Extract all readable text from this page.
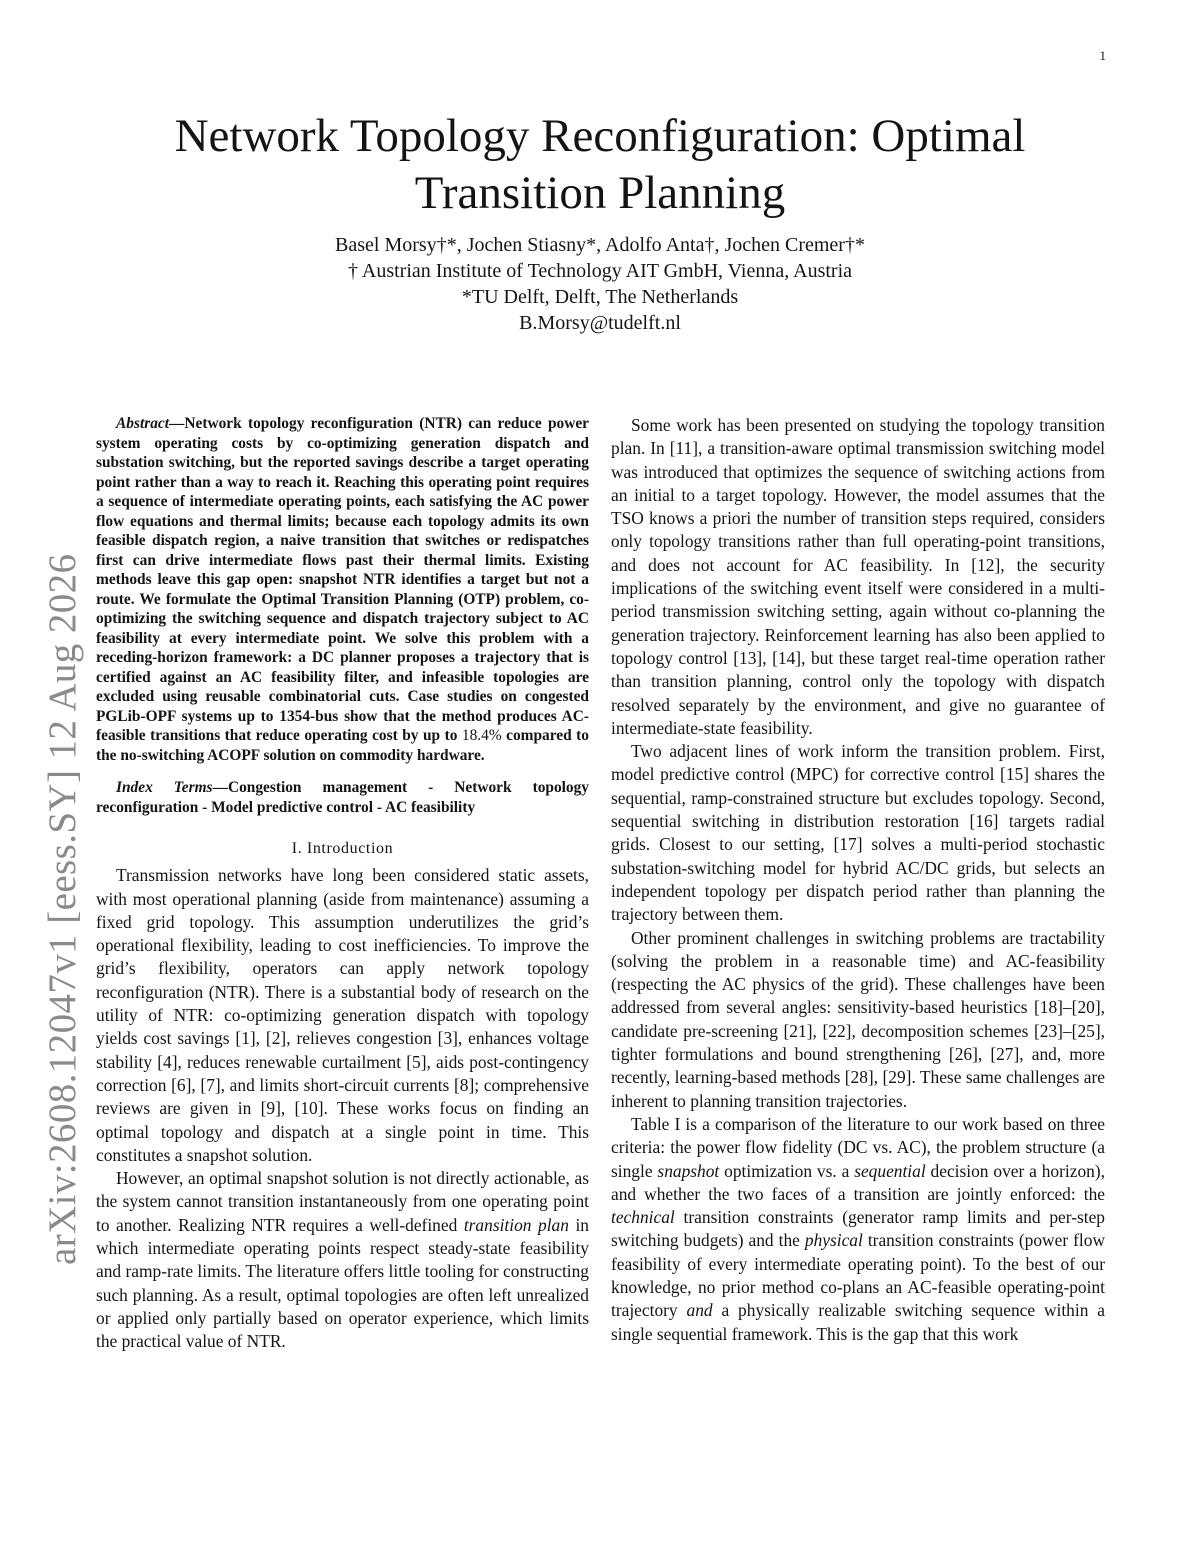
1
arXiv:2608.12047v1 [eess.SY] 12 Aug 2026
Network Topology Reconfiguration: Optimal Transition Planning
Basel Morsy†*, Jochen Stiasny*, Adolfo Anta†, Jochen Cremer†*
† Austrian Institute of Technology AIT GmbH, Vienna, Austria
*TU Delft, Delft, The Netherlands
B.Morsy@tudelft.nl

Abstract—Network topology reconfiguration (NTR) can reduce power system operating costs by co-optimizing generation dispatch and substation switching, but the reported savings describe a target operating point rather than a way to reach it. Reaching this operating point requires a sequence of intermediate operating points, each satisfying the AC power flow equations and thermal limits; because each topology admits its own feasible dispatch region, a naive transition that switches or redispatches first can drive intermediate flows past their thermal limits. Existing methods leave this gap open: snapshot NTR identifies a target but not a route. We formulate the Optimal Transition Planning (OTP) problem, co-optimizing the switching sequence and dispatch trajectory subject to AC feasibility at every intermediate point. We solve this problem with a receding-horizon framework: a DC planner proposes a trajectory that is certified against an AC feasibility filter, and infeasible topologies are excluded using reusable combinatorial cuts. Case studies on congested PGLib-OPF systems up to 1354-bus show that the method produces AC-feasible transitions that reduce operating cost by up to 18.4% compared to the no-switching ACOPF solution on commodity hardware.

Index Terms—Congestion management - Network topology reconfiguration - Model predictive control - AC feasibility

I. Introduction

Transmission networks have long been considered static assets, with most operational planning (aside from maintenance) assuming a fixed grid topology. This assumption underutilizes the grid’s operational flexibility, leading to cost inefficiencies. To improve the grid’s flexibility, operators can apply network topology reconfiguration (NTR). There is a substantial body of research on the utility of NTR: co-optimizing generation dispatch with topology yields cost savings [1], [2], relieves congestion [3], enhances voltage stability [4], reduces renewable curtailment [5], aids post-contingency correction [6], [7], and limits short-circuit currents [8]; comprehensive reviews are given in [9], [10]. These works focus on finding an optimal topology and dispatch at a single point in time. This constitutes a snapshot solution.

However, an optimal snapshot solution is not directly actionable, as the system cannot transition instantaneously from one operating point to another. Realizing NTR requires a well-defined transition plan in which intermediate operating points respect steady-state feasibility and ramp-rate limits. The literature offers little tooling for constructing such planning. As a result, optimal topologies are often left unrealized or applied only partially based on operator experience, which limits the practical value of NTR.

Some work has been presented on studying the topology transition plan. In [11], a transition-aware optimal transmission switching model was introduced that optimizes the sequence of switching actions from an initial to a target topology. However, the model assumes that the TSO knows a priori the number of transition steps required, considers only topology transitions rather than full operating-point transitions, and does not account for AC feasibility. In [12], the security implications of the switching event itself were considered in a multi-period transmission switching setting, again without co-planning the generation trajectory. Reinforcement learning has also been applied to topology control [13], [14], but these target real-time operation rather than transition planning, control only the topology with dispatch resolved separately by the environment, and give no guarantee of intermediate-state feasibility.

Two adjacent lines of work inform the transition problem. First, model predictive control (MPC) for corrective control [15] shares the sequential, ramp-constrained structure but excludes topology. Second, sequential switching in distribution restoration [16] targets radial grids. Closest to our setting, [17] solves a multi-period stochastic substation-switching model for hybrid AC/DC grids, but selects an independent topology per dispatch period rather than planning the trajectory between them.

Other prominent challenges in switching problems are tractability (solving the problem in a reasonable time) and AC-feasibility (respecting the AC physics of the grid). These challenges have been addressed from several angles: sensitivity-based heuristics [18]–[20], candidate pre-screening [21], [22], decomposition schemes [23]–[25], tighter formulations and bound strengthening [26], [27], and, more recently, learning-based methods [28], [29]. These same challenges are inherent to planning transition trajectories.

Table I is a comparison of the literature to our work based on three criteria: the power flow fidelity (DC vs. AC), the problem structure (a single snapshot optimization vs. a sequential decision over a horizon), and whether the two faces of a transition are jointly enforced: the technical transition constraints (generator ramp limits and per-step switching budgets) and the physical transition constraints (power flow feasibility of every intermediate operating point). To the best of our knowledge, no prior method co-plans an AC-feasible operating-point trajectory and a physically realizable switching sequence within a single sequential framework. This is the gap that this work
